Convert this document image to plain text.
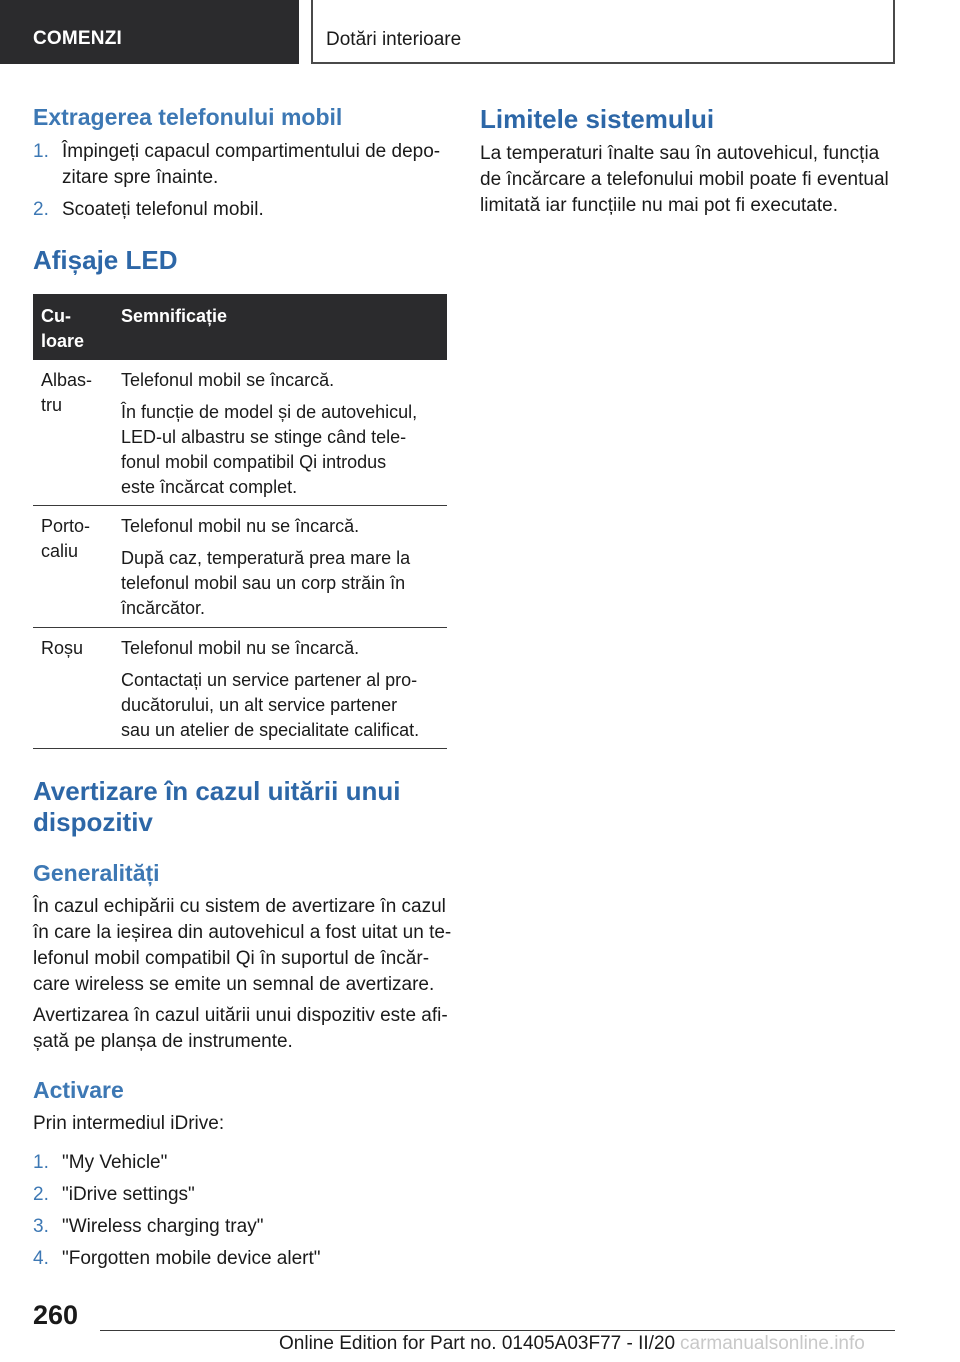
COMENZI	Dotări interioare
Extragerea telefonului mobil
1. Împingeți capacul compartimentului de depo-
zitare spre înainte.
2. Scoateți telefonul mobil.
Afișaje LED
Cu-
loare
Semnificație
Albas-
tru

Telefonul mobil se încarcă.

În funcție de model și de autovehicul,
LED-ul albastru se stinge când tele-
fonul mobil compatibil Qi introdus
este încărcat complet.

Porto-
caliu

Telefonul mobil nu se încarcă.

După caz, temperatură prea mare la
telefonul mobil sau un corp străin în
încărcător.

Roșu Telefonul mobil nu se încarcă.

Contactați un service partener al pro-
ducătorului, un alt service partener
sau un atelier de specialitate calificat.

Avertizare în cazul uitării unui
dispozitiv
Generalități
În cazul echipării cu sistem de avertizare în cazul
în care la ieșirea din autovehicul a fost uitat un te-
lefonul mobil compatibil Qi în suportul de încăr-
care wireless se emite un semnal de avertizare.
Avertizarea în cazul uitării unui dispozitiv este afi-
șată pe planșa de instrumente.
Activare
Prin intermediul iDrive:
1. "My Vehicle"
2. "iDrive settings"
3. "Wireless charging tray"
4. "Forgotten mobile device alert"
Limitele sistemului
La temperaturi înalte sau în autovehicul, funcția
de încărcare a telefonului mobil poate fi eventual
limitată iar funcțiile nu mai pot fi executate.
260
Online Edition for Part no. 01405A03F77 - II/20 carmanualsonline.info
